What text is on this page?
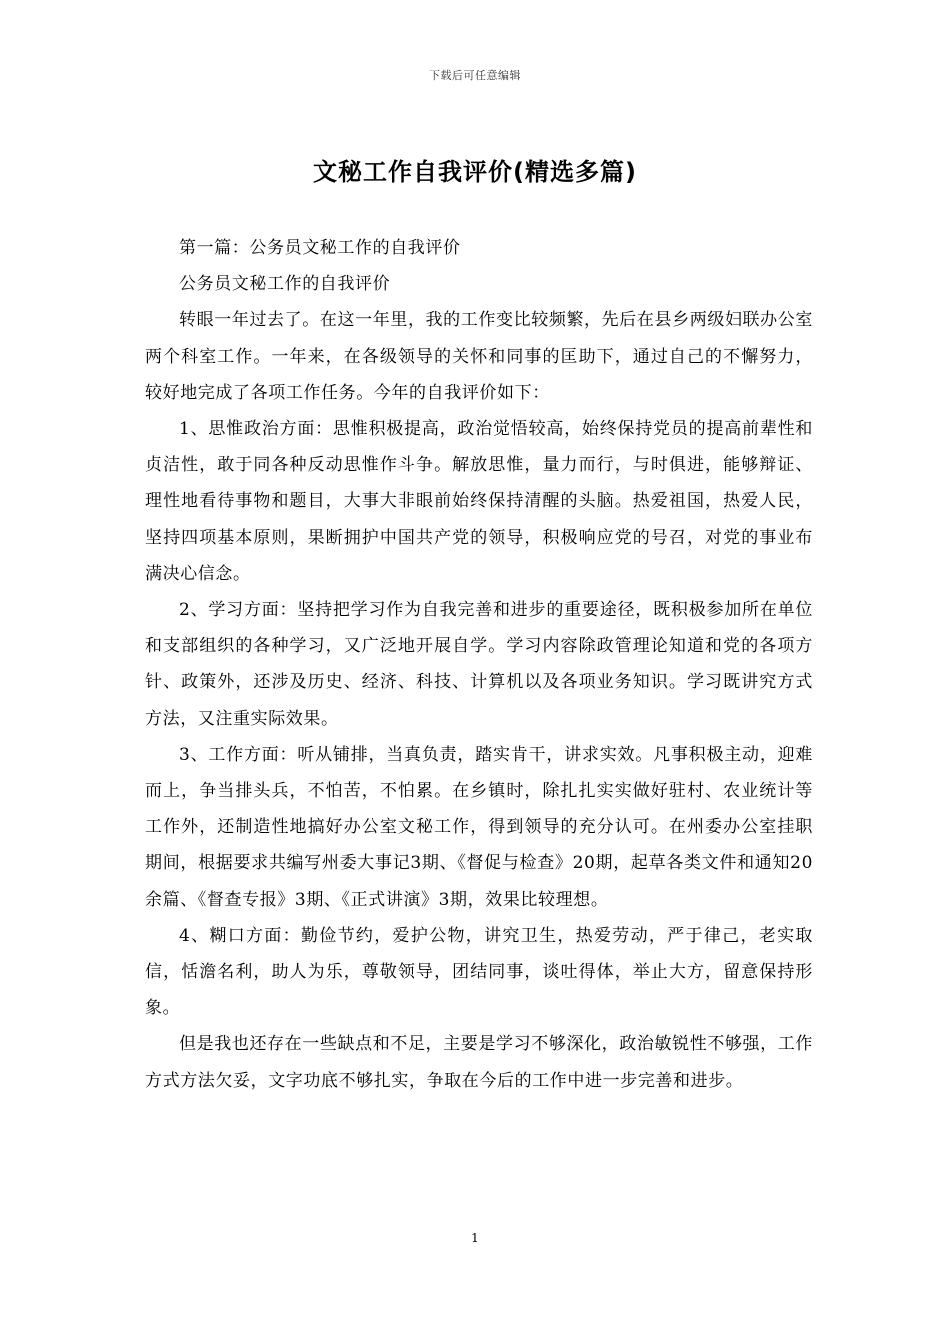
下载后可任意编辑
文秘工作自我评价(精选多篇)

第一篇：公务员文秘工作的自我评价

公务员文秘工作的自我评价

转眼一年过去了。在这一年里，我的工作变比较频繁，先后在县乡两级妇联办公室两个科室工作。一年来，在各级领导的关怀和同事的匡助下，通过自己的不懈努力，较好地完成了各项工作任务。今年的自我评价如下：

1、思惟政治方面：思惟积极提高，政治觉悟较高，始终保持党员的提高前辈性和贞洁性，敢于同各种反动思惟作斗争。解放思惟，量力而行，与时俱进，能够辩证、理性地看待事物和题目，大事大非眼前始终保持清醒的头脑。热爱祖国，热爱人民，坚持四项基本原则，果断拥护中国共产党的领导，积极响应党的号召，对党的事业布满决心信念。

2、学习方面：坚持把学习作为自我完善和进步的重要途径，既积极参加所在单位和支部组织的各种学习，又广泛地开展自学。学习内容除政管理论知道和党的各项方针、政策外，还涉及历史、经济、科技、计算机以及各项业务知识。学习既讲究方式方法，又注重实际效果。

3、工作方面：听从铺排，当真负责，踏实肯干，讲求实效。凡事积极主动，迎难而上，争当排头兵，不怕苦，不怕累。在乡镇时，除扎扎实实做好驻村、农业统计等工作外，还制造性地搞好办公室文秘工作，得到领导的充分认可。在州委办公室挂职期间，根据要求共编写州委大事记3期、《督促与检查》20期，起草各类文件和通知20余篇、《督查专报》3期、《正式讲演》3期，效果比较理想。

4、糊口方面：勤俭节约，爱护公物，讲究卫生，热爱劳动，严于律己，老实取信，恬澹名利，助人为乐，尊敬领导，团结同事，谈吐得体，举止大方，留意保持形象。

但是我也还存在一些缺点和不足，主要是学习不够深化，政治敏锐性不够强，工作方式方法欠妥，文字功底不够扎实，争取在今后的工作中进一步完善和进步。

1
